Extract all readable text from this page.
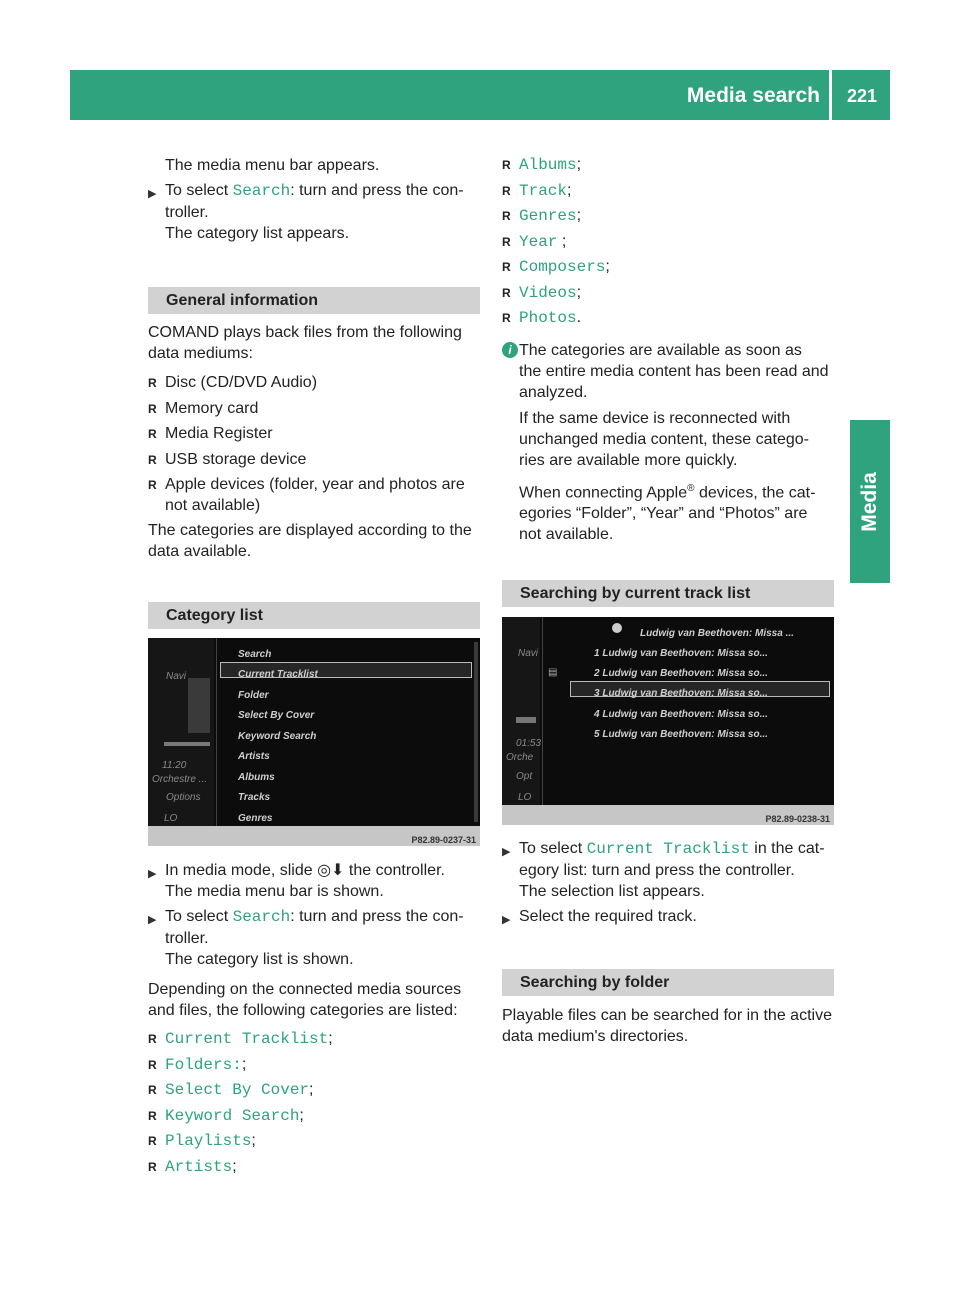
Media search	221
Media
The media menu bar appears.
▶ To select Search: turn and press the con-
troller.
The category list appears.
General information
COMAND plays back files from the following
data mediums:
R Disc (CD/DVD Audio)
R Memory card
R Media Register
R USB storage device
R Apple devices (folder, year and photos are
not available)
The categories are displayed according to the
data available.
Category list
Navi
11:20
Orchestre ...
Options
LO
Search
Current Tracklist
Folder
Select By Cover
Keyword Search
Artists
Albums
Tracks
Genres
P82.89-0237-31
▶ In media mode, slide ◎⬇ the controller.
The media menu bar is shown.
▶ To select Search: turn and press the con-
troller.
The category list is shown.
Depending on the connected media sources
and files, the following categories are listed:
R Current Tracklist;
R Folders:;
R Select By Cover;
R Keyword Search;
R Playlists;
R Artists;
R Albums;
R Track;
R Genres;
R Year ;
R Composers;
R Videos;
R Photos.
i The categories are available as soon as
the entire media content has been read and
analyzed.
If the same device is reconnected with
unchanged media content, these catego-
ries are available more quickly.
When connecting Apple® devices, the cat-
egories “Folder”, “Year” and “Photos” are
not available.
Searching by current track list
Navi
01:53
Orche
Opt
LO
▤
Ludwig van Beethoven: Missa ...
1 Ludwig van Beethoven: Missa so...
2 Ludwig van Beethoven: Missa so...
3 Ludwig van Beethoven: Missa so...
4 Ludwig van Beethoven: Missa so...
5 Ludwig van Beethoven: Missa so...
P82.89-0238-31
▶ To select Current Tracklist in the cat-
egory list: turn and press the controller.
The selection list appears.
▶ Select the required track.
Searching by folder
Playable files can be searched for in the active
data medium's directories.
